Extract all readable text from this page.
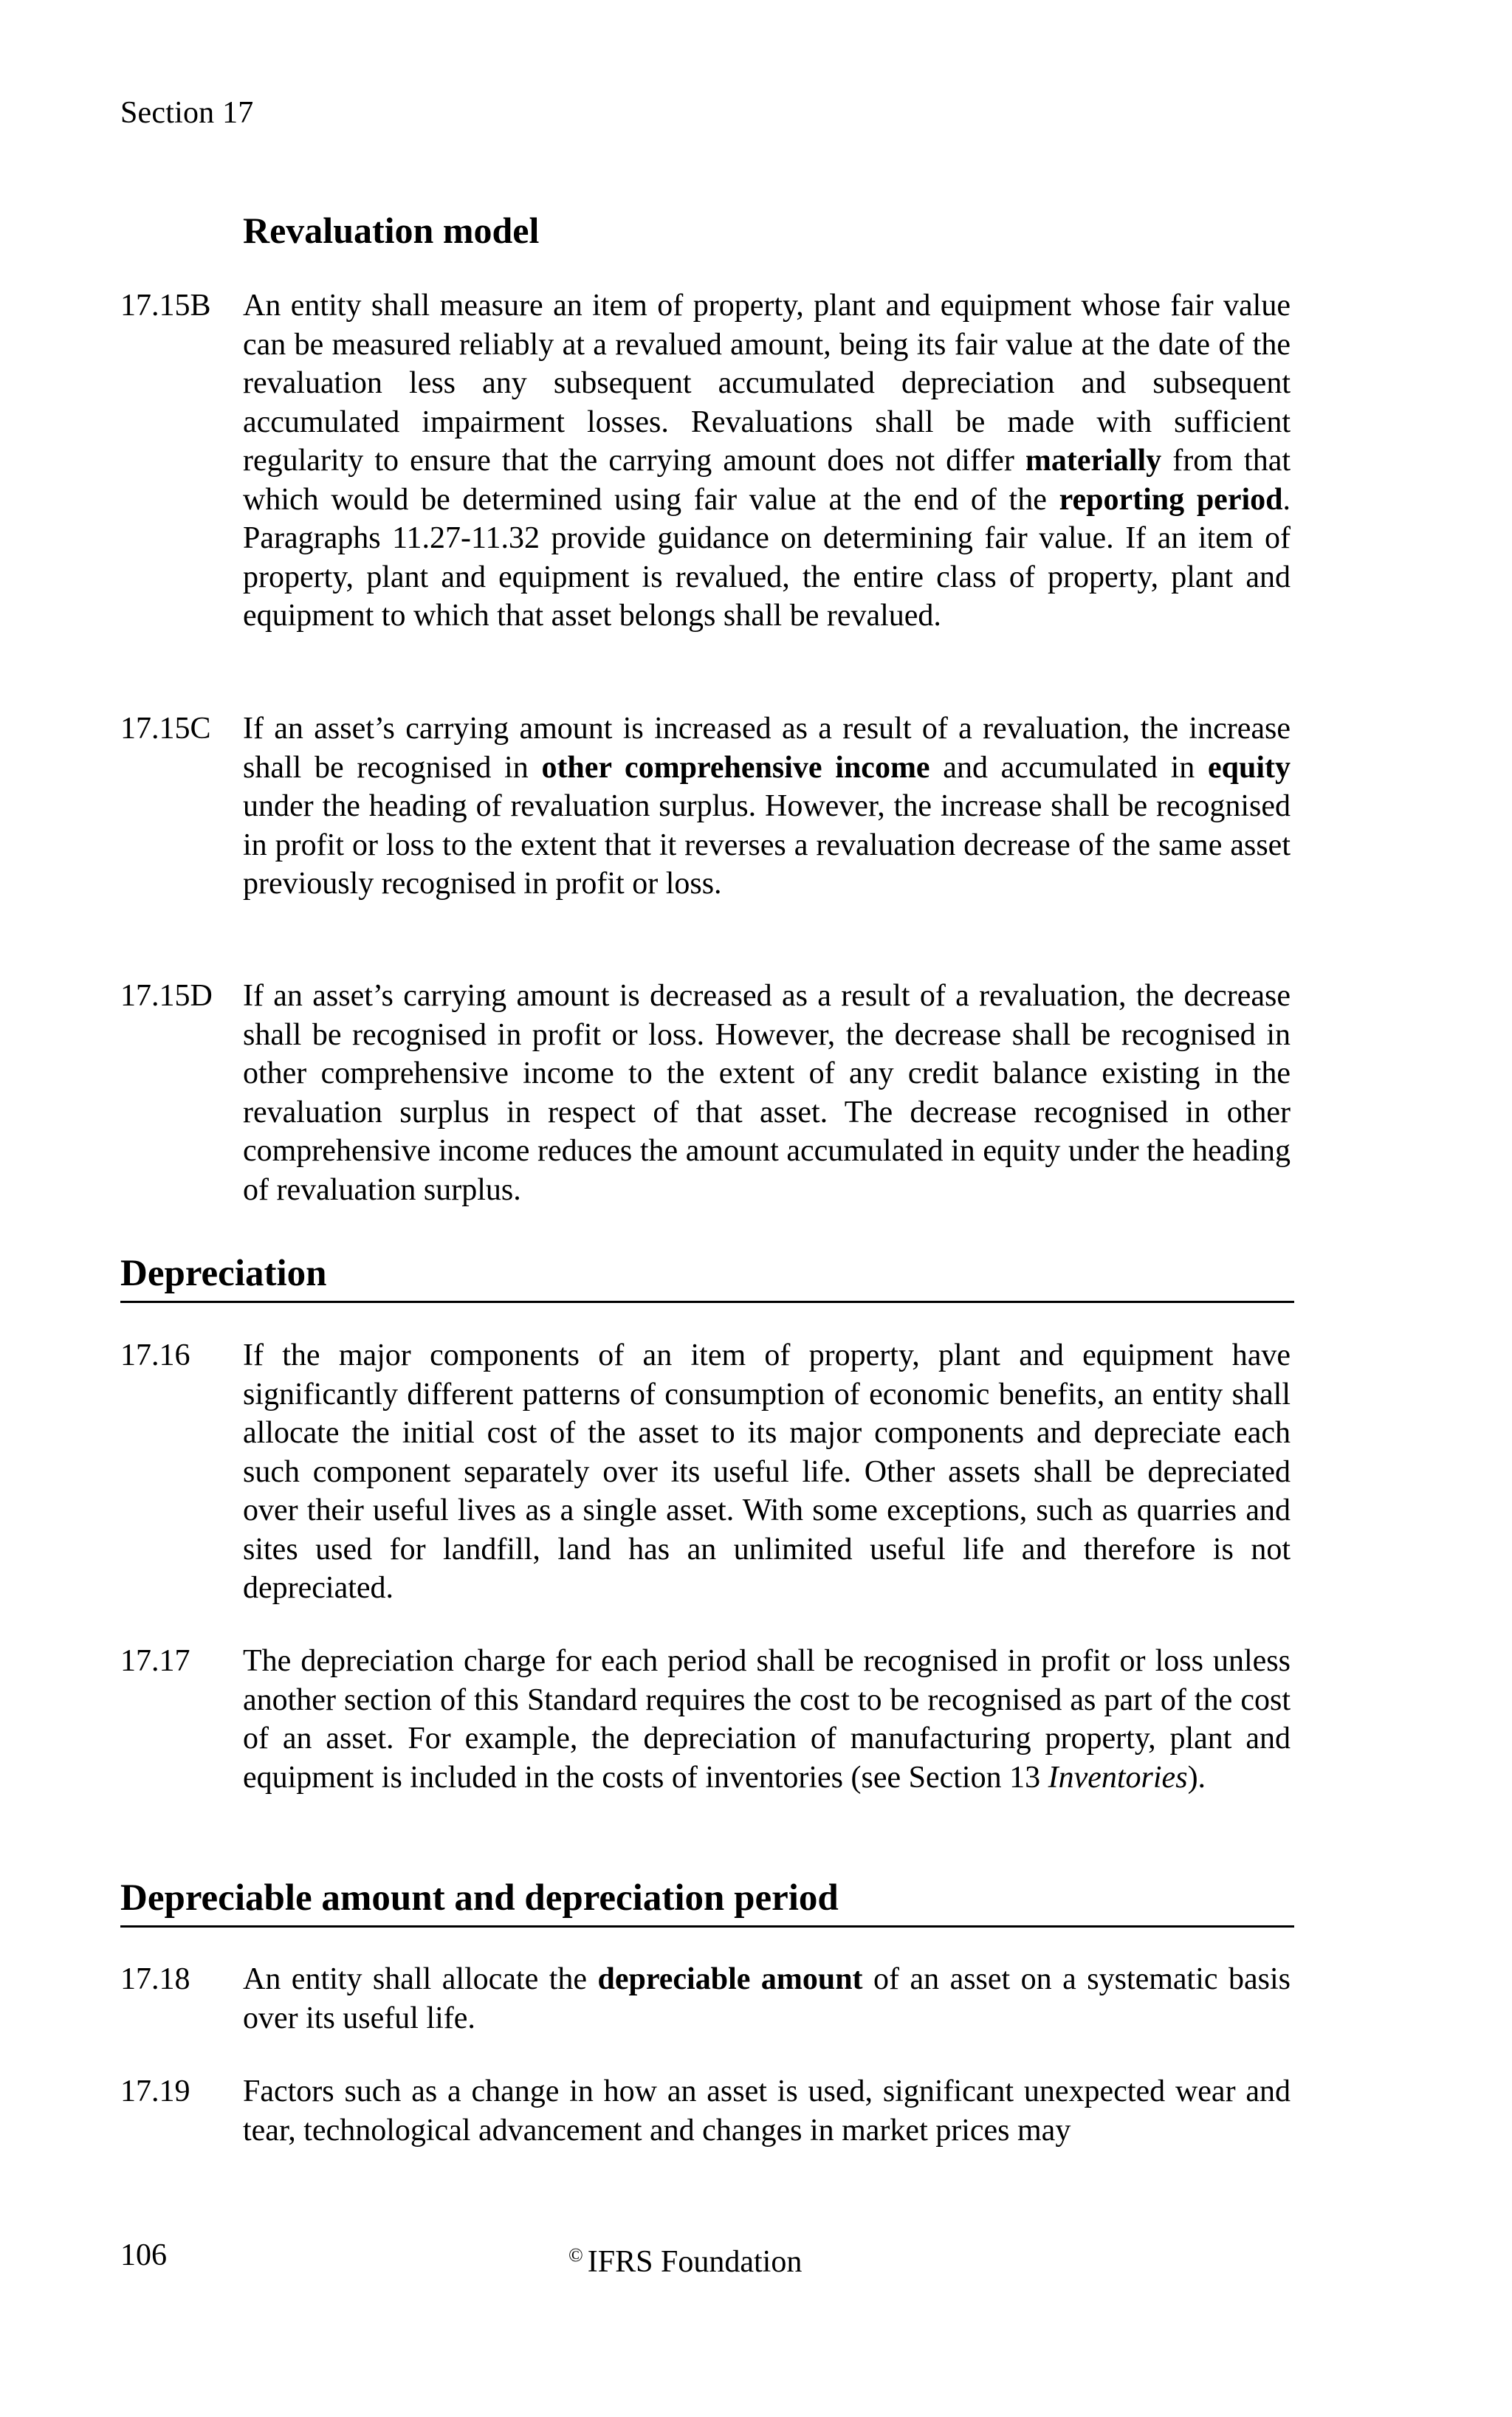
Section 17
Revaluation model
17.15B	An entity shall measure an item of property, plant and equipment whose fair value can be measured reliably at a revalued amount, being its fair value at the date of the revaluation less any subsequent accumulated depreciation and subsequent accumulated impairment losses. Revaluations shall be made with sufficient regularity to ensure that the carrying amount does not differ materially from that which would be determined using fair value at the end of the reporting period. Paragraphs 11.27-11.32 provide guidance on determining fair value. If an item of property, plant and equipment is revalued, the entire class of property, plant and equipment to which that asset belongs shall be revalued.
17.15C	If an asset’s carrying amount is increased as a result of a revaluation, the increase shall be recognised in other comprehensive income and accumulated in equity under the heading of revaluation surplus. However, the increase shall be recognised in profit or loss to the extent that it reverses a revaluation decrease of the same asset previously recognised in profit or loss.
17.15D If an asset’s carrying amount is decreased as a result of a revaluation, the decrease shall be recognised in profit or loss. However, the decrease shall be recognised in other comprehensive income to the extent of any credit balance existing in the revaluation surplus in respect of that asset. The decrease recognised in other comprehensive income reduces the amount accumulated in equity under the heading of revaluation surplus.
Depreciation
17.16	If the major components of an item of property, plant and equipment have significantly different patterns of consumption of economic benefits, an entity shall allocate the initial cost of the asset to its major components and depreciate each such component separately over its useful life. Other assets shall be depreciated over their useful lives as a single asset. With some exceptions, such as quarries and sites used for landfill, land has an unlimited useful life and therefore is not depreciated.
17.17	The depreciation charge for each period shall be recognised in profit or loss unless another section of this Standard requires the cost to be recognised as part of the cost of an asset. For example, the depreciation of manufacturing property, plant and equipment is included in the costs of inventories (see Section 13 Inventories).
Depreciable amount and depreciation period
17.18	An entity shall allocate the depreciable amount of an asset on a systematic basis over its useful life.
17.19	Factors such as a change in how an asset is used, significant unexpected wear and tear, technological advancement and changes in market prices may
106	© IFRS Foundation
